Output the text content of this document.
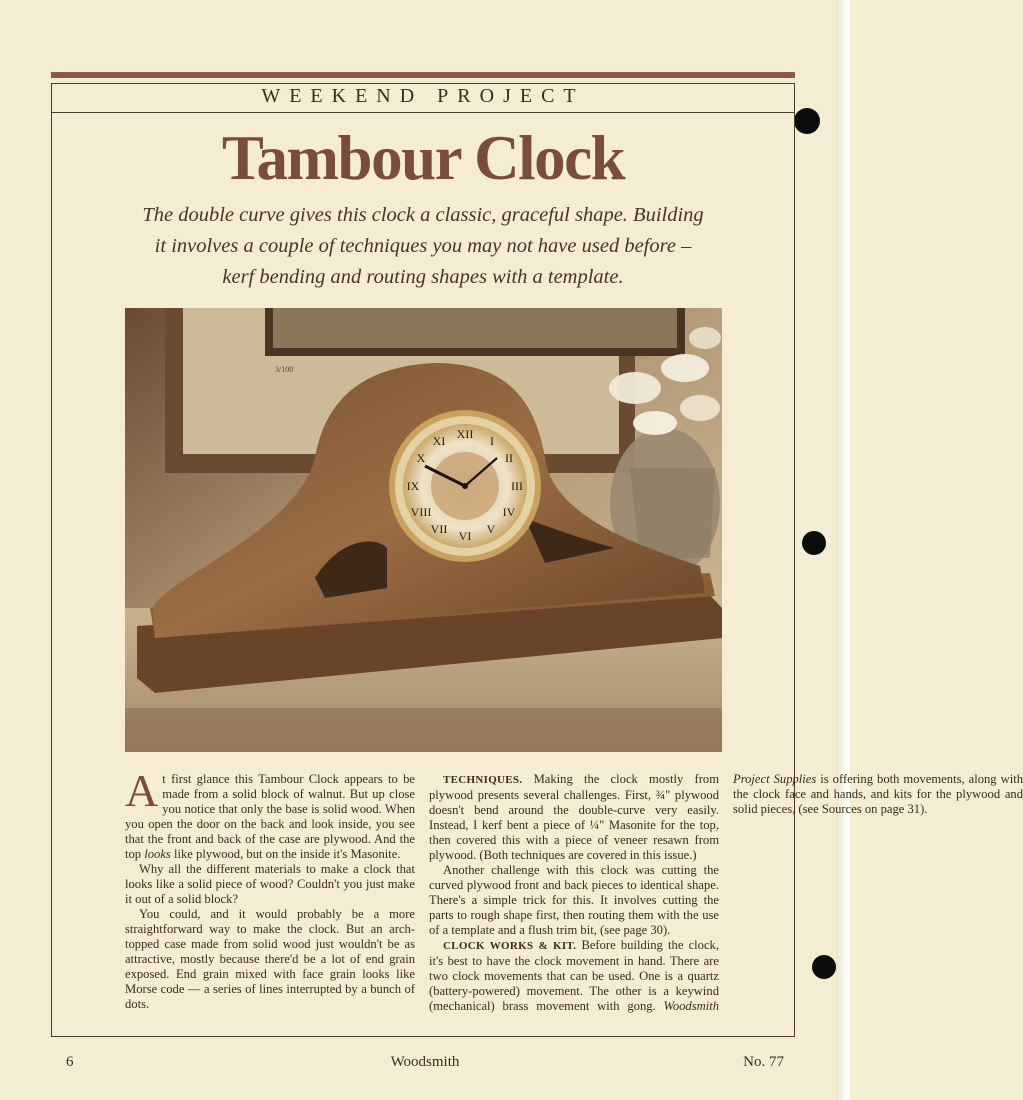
WEEKEND PROJECT
Tambour Clock
The double curve gives this clock a classic, graceful shape. Building it involves a couple of techniques you may not have used before – kerf bending and routing shapes with a template.
3/100
XII I
II
III
IV
V
VI
VII
VIII
IX
X
XI

At first glance this Tambour Clock appears to be made from a solid block of walnut. But up close you notice that only the base is solid wood. When you open the door on the back and look inside, you see that the front and back of the case are plywood. And the top looks like plywood, but on the inside it's Masonite.

Why all the different materials to make a clock that looks like a solid piece of wood? Couldn't you just make it out of a solid block?

You could, and it would probably be a more straightforward way to make the clock. But an arch-topped case made from solid wood just wouldn't be as attractive, mostly because there'd be a lot of end grain exposed. End grain mixed with face grain looks like Morse code — a series of lines interrupted by a bunch of dots.

TECHNIQUES. Making the clock mostly from plywood presents several challenges. First, ¾" plywood doesn't bend around the double-curve very easily. Instead, I kerf bent a piece of ¼" Masonite for the top, then covered this with a piece of veneer resawn from plywood. (Both techniques are covered in this issue.)

Another challenge with this clock was cutting the curved plywood front and back pieces to identical shape. There's a simple trick for this. It involves cutting the parts to rough shape first, then routing them with the use of a template and a flush trim bit, (see page 30).

CLOCK WORKS & KIT. Before building the clock, it's best to have the clock movement in hand. There are two clock movements that can be used. One is a quartz (battery-powered) movement. The other is a keywind (mechanical) brass movement with gong. Woodsmith Project Supplies is offering both movements, along with the clock face and hands, and kits for the plywood and solid pieces, (see Sources on page 31).

6	Woodsmith	No. 77
